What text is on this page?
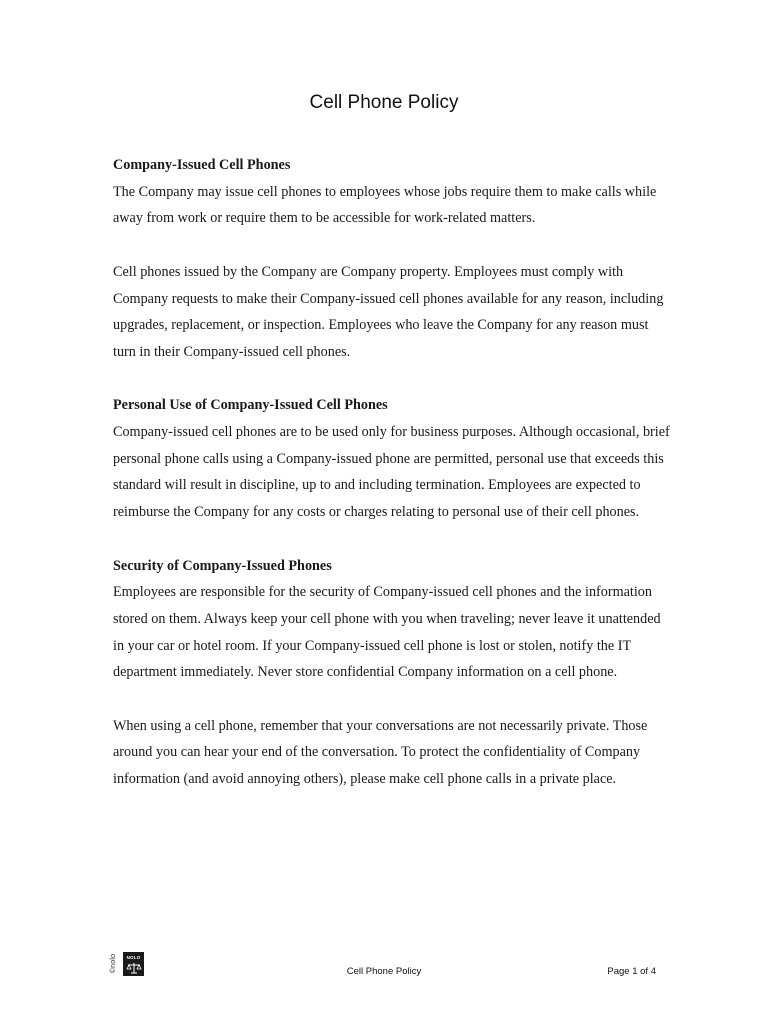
Cell Phone Policy

Company-Issued Cell Phones

The Company may issue cell phones to employees whose jobs require them to make calls while away from work or require them to be accessible for work-related matters.

Cell phones issued by the Company are Company property. Employees must comply with Company requests to make their Company-issued cell phones available for any reason, including upgrades, replacement, or inspection. Employees who leave the Company for any reason must turn in their Company-issued cell phones.

Personal Use of Company-Issued Cell Phones

Company-issued cell phones are to be used only for business purposes. Although occasional, brief personal phone calls using a Company-issued phone are permitted, personal use that exceeds this standard will result in discipline, up to and including termination. Employees are expected to reimburse the Company for any costs or charges relating to personal use of their cell phones.

Security of Company-Issued Phones

Employees are responsible for the security of Company-issued cell phones and the information stored on them. Always keep your cell phone with you when traveling; never leave it unattended in your car or hotel room. If your Company-issued cell phone is lost or stolen, notify the IT department immediately. Never store confidential Company information on a cell phone.

When using a cell phone, remember that your conversations are not necessarily private. Those around you can hear your end of the conversation. To protect the confidentiality of Company information (and avoid annoying others), please make cell phone calls in a private place.

©nolo	NOLO
Cell Phone Policy	Page 1 of 4
